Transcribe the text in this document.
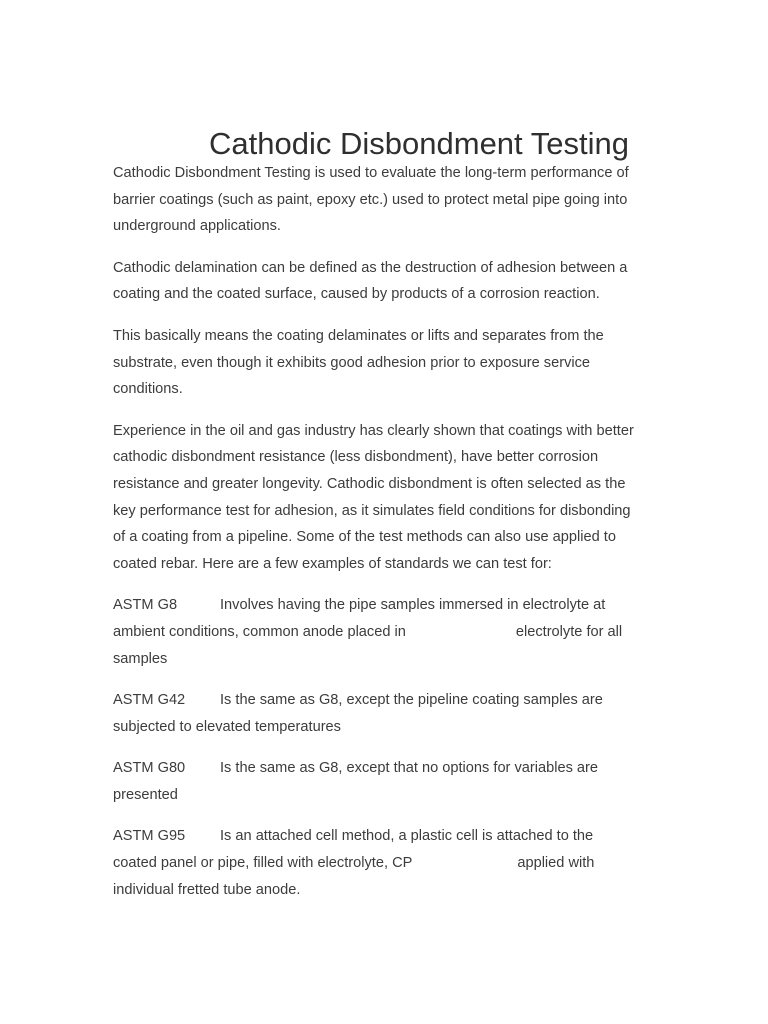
Cathodic Disbondment Testing

Cathodic Disbondment Testing is used to evaluate the long-term performance of
barrier coatings (such as paint, epoxy etc.) used to protect metal pipe going into
underground applications.

Cathodic delamination can be defined as the destruction of adhesion between a
coating and the coated surface, caused by products of a corrosion reaction.

This basically means the coating delaminates or lifts and separates from the
substrate, even though it exhibits good adhesion prior to exposure service
conditions.

Experience in the oil and gas industry has clearly shown that coatings with better
cathodic disbondment resistance (less disbondment), have better corrosion
resistance and greater longevity. Cathodic disbondment is often selected as the
key performance test for adhesion, as it simulates field conditions for disbonding
of a coating from a pipeline. Some of the test methods can also use applied to
coated rebar. Here are a few examples of standards we can test for:

ASTM G8	Involves having the pipe samples immersed in electrolyte at
ambient conditions, common anode placed in	electrolyte for all
samples

ASTM G42 Is the same as G8, except the pipeline coating samples are
subjected to elevated temperatures

ASTM G80 Is the same as G8, except that no options for variables are
presented

ASTM G95 Is an attached cell method, a plastic cell is attached to the
coated panel or pipe, filled with electrolyte, CP	applied with
individual fretted tube anode.
